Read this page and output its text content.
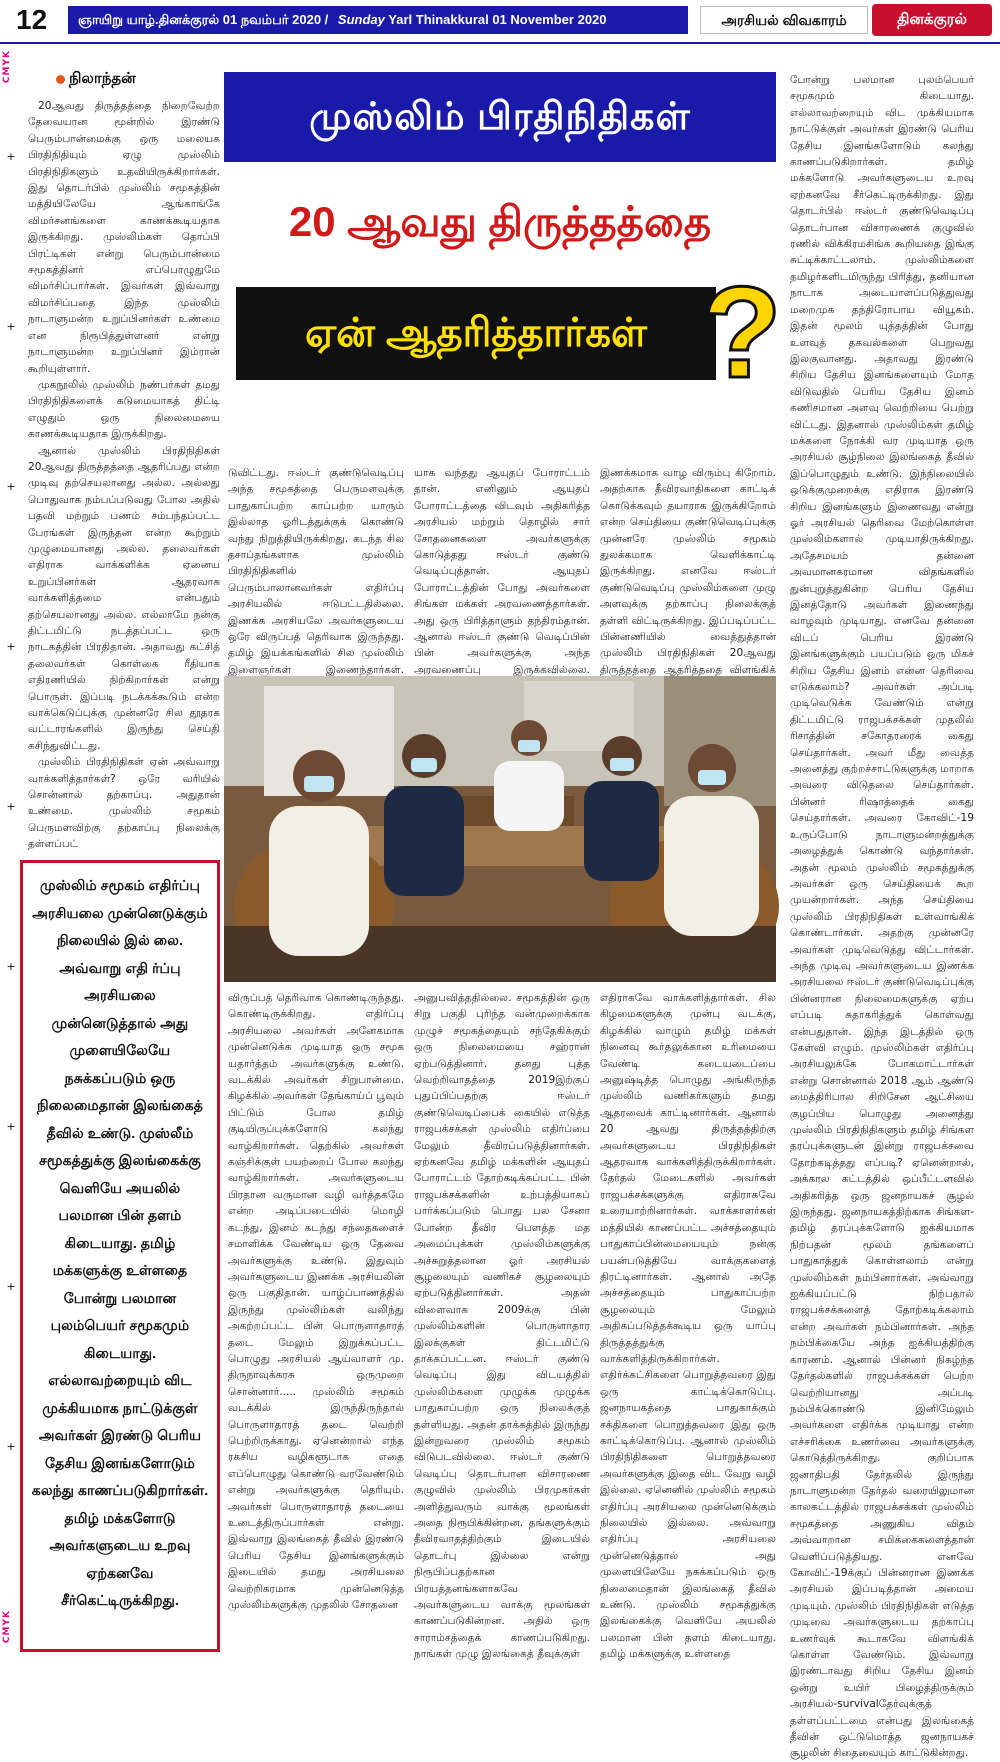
12	ஞாயிறு யாழ்.தினக்குரல் 01 நவம்பர் 2020 / Sunday Yarl Thinakkural 01 November 2020	அரசியல் விவகாரம்	தினக்குரல்
CMYK
CMYK
+
+
+
+
+
+
+
+
+
நிலாந்தன்

20ஆவது திருத்தத்தை நிறைவேற்ற தேவையான மூன்றில் இரண்டு பெரும்பான்மைக்கு ஒரு மலையக பிரதிநிதியும் ஏழு முஸ்லிம் பிரதிநிதிகளும் உதவியிருக்கிறார்கள். இது தொடர்பில் முஸ்லிம் சமூகத்தின் மத்தியிலேயே ஆங்காங்கே விமர்சனங்களை காணக்கூடியதாக இருக்கிறது. முஸ்லிம்கள் தொப்பி பிரட்டிகள் என்று பெரும்பான்மை சமூகத்தினர் எப்பொழுதுமே விமர்சிப்பார்கள். இவர்கள் இவ்வாறு விமர்சிப்பதை இந்த முஸ்லிம் நாடாளுமன்ற உறுப்பினர்கள் உண்மை என நிரூபித்துள்ளனர் என்று நாடாளுமன்ற உறுப்பினர் இம்ரான் கூறியுள்ளார்.

முகநூலில் முஸ்லிம் நண்பர்கள் தமது பிரதிநிதிகளைக் கடுமையாகத் திட்டி எழுதும் ஒரு நிலைமையை காணக்கூடியதாக இருக்கிறது.

ஆனால் முஸ்லிம் பிரதிநிதிகள் 20ஆவது திருத்தத்தை ஆதரிப்பது என்ற முடிவு தற்செயலானது அல்ல. அல்லது பொதுவாக நம்பப்படுவது போல அதில் பதவி மற்றும் பணம் சம்பந்தப்பட்ட பேரங்கள் இருந்தன என்ற கூற்றும் முழுமையானது அல்ல. தலைவர்கள் எதிராக வாக்களிக்க ஏனைய உறுப்பினர்கள் ஆதரவாக வாக்களித்தமை என்பதும் தற்செயலானது அல்ல. எல்லாமே நன்கு திட்டமிட்டு நடத்தப்பட்ட ஒரு நாடகத்தின் பிரதிதான். அதாவது கட்சித் தலைவர்கள் கொள்கை ரீதியாக எதிரணியில் நிற்கிறார்கள் என்று பொருள். இப்படி நடக்கக்கூடும் என்ற வாக்கெடுப்புக்கு முன்னரே சில தூதரக வட்டாரங்களில் இருந்து செய்தி கசிந்துவிட்டது.

முஸ்லிம் பிரதிநிதிகள் ஏன் அவ்வாறு வாக்களித்தார்கள்? ஒரே வரியில் சொன்னால் தற்காப்பு. அதுதான் உண்மை. முஸ்லிம் சமூகம் பெருமளவிற்கு தற்காப்பு நிலைக்கு தள்ளப்பட்

முஸ்லிம் சமூகம் எதிர்ப்பு அரசியலை முன்னெடுக்கும் நிலையில் இல் லை. அவ்வாறு எதி ர்ப்பு அரசியலை முன்னெடுத்தால் அது முளையிலேயே நசுக்கப்படும் ஒரு நிலைமைதான் இலங்கைத் தீவில் உண்டு. முஸ்லீம் சமூகத்துக்கு இலங்கைக்கு வெளியே அயலில் பலமான பின் தளம் கிடையாது. தமிழ் மக்களுக்கு உள்ளதை போன்று பலமான புலம்பெயர் சமூகமும் கிடையாது. எல்லாவற்றையும் விட முக்கியமாக நாட்டுக்குள் அவர்கள் இரண்டு பெரிய தேசிய இனங்களோடும் கலந்து காணப்படுகிறார்கள். தமிழ் மக்களோடு அவர்களுடைய உறவு ஏற்கனவே சீர்கெட்டிருக்கிறது.
முஸ்லிம் பிரதிநிதிகள்
20 ஆவது திருத்தத்தை
ஏன் ஆதரித்தார்கள் ?
டுவிட்டது. ஈஸ்டர் குண்டுவெடிப்பு அந்த சமூகத்தை பெருமளவுக்கு பாதுகாப்பற்ற காப்பற்ற யாரும் இல்லாத ஓரிடத்துக்குக் கொண்டு வந்து நிறுத்தியிருக்கிறது. கடந்த சில தசாப்தங்களாக முஸ்லிம் பிரதிநிதிகளில் பெரும்பாலானவர்கள் எதிர்ப்பு அரசியலில் ஈடுபட்டதில்லை. இணக்க அரசியலே அவர்களுடைய ஒரே விருப்பத் தெரிவாக இருந்தது. தமிழ் இயக்கங்களில் சில முஸ்லிம் இளைஞர்கள் இணைந்தார்கள்.
யாக வந்தது ஆயுதப் போராட்டம் தான். எனினும் ஆயுதப் போராட்டத்தை விடவும் அதிகரித்த அரசியல் மற்றும் தொழில் சார் சோதனைகளை அவர்களுக்கு கொடுத்தது ஈஸ்டர் குண்டு வெடிப்புத்தான். ஆயுதப் போராட்டத்தின் போது அவர்களை சிங்கள மக்கள் அரவணைத்தார்கள். அது ஒரு பிரித்தாளும் தந்திரம்தான். ஆனால் ஈஸ்டர் குண்டு வெடிப்பின் பின் அவர்களுக்கு அந்த அரவணைப்பு இருக்கவில்லை.
இணக்கமாக வாழ விரும்பு கிறோம். அதற்காக தீவிரவாதிகளை காட்டிக் கொடுக்கவும் தயாராக இருக்கிறோம் என்ற செய்தியை குண்டுவெடிப்புக்கு முன்னரே முஸ்லிம் சமூகம் துலக்கமாக வெளிக்காட்டி இருக்கிறது. எனவே ஈஸ்டர் குண்டுவெடிப்பு முஸ்லிம்களை முழு அளவுக்கு தற்காப்பு நிலைக்குத் தள்ளி விட்டிருக்கிறது. இப்படிப்பட்ட பின்னணியில் வைத்துத்தான் முஸ்லிம் பிரதிநிதிகள் 20ஆவது திருத்தத்தை ஆதரித்ததை விளங்கிக்
விருப்பத் தெரிவாக கொண்டிருந்தது. கொண்டிருக்கிறது. எதிர்ப்பு அரசியலை அவர்கள் அனேகமாக முன்னெடுக்க முடியாத ஒரு சமூக யதார்த்தம் அவர்களுக்கு உண்டு. வடக்கில் அவர்கள் சிறுபான்மை. கிழக்கில் அவர்கள் தேங்காய்ப் பூவும் பிட்டும் போல தமிழ் குடியிருப்புக்களோடு கலந்து வாழ்கிறார்கள். தெற்கில் அவர்கள் கஞ்சிக்குள் பயற்றைப் போல கலந்து வாழ்கிறார்கள். அவர்களுடைய பிரதான வருமான வழி வர்த்தகமே என்ற அடிப்படையில் மொழி கடந்து, இனம் கடந்து சந்தைகளைச் சமாளிக்க வேண்டிய ஒரு தேவை அவர்களுக்கு உண்டு. இதுவும் அவர்களுடைய இணக்க அரசியலின் ஒரு பகுதிதான். யாழ்ப்பாணத்தில் இருந்து முஸ்லிம்கள் வலிந்து அகற்றப்பட்ட பின் பொருளாதாரத் தடை மேலும் இறுக்கப்பட்ட பொழுது அரசியல் ஆய்வாளர் மு. திருநாவுக்கரசு ஒருமுறை சொன்னார்..... முஸ்லிம் சமூகம் வடக்கில் இருந்திருந்தால் பொருளாதாரத் தடை வெற்றி பெற்றிருக்காது. ஏனென்றால் எந்த ரகசிய வழிகளூடாக எதை எப்பொழுது கொண்டு வரவேண்டும் என்று அவர்களுக்கு தெரியும். அவர்கள் பொருளாதாரத் தடையை உடைத்திருப்பார்கள் என்று. இவ்வாறு இலங்கைத் தீவில் இரண்டு பெரிய தேசிய இனங்களுக்கும் இடையில் தமது அரசியலை வெற்றிகரமாக முன்னெடுத்த முஸ்லிம்களுக்கு முதலில் சோதனை
அனுபவித்ததில்லை. சமூகத்தின் ஒரு சிறு பகுதி புரிந்த வன்முறைக்காக முழுச் சமூகத்தையும் சந்தேகிக்கும் ஒரு நிலைமையை சஹ்ரான் ஏற்படுத்தினார். தனது புத்த வெற்றிவாதத்தை 2019இற்குப் புதுப்பிப்பதற்கு ஈஸ்டர் குண்டுவெடிப்பைக் கையில் எடுத்த ராஜபக்சக்கள் முஸ்லிம் எதிர்ப்பை மேலும் தீவிரப்படுத்தினார்கள். ஏற்கனவே தமிழ் மக்களின் ஆயுதப் போராட்டம் தோற்கடிக்கப்பட்ட பின் ராஜபக்சக்களின் உற்பத்தியாகப் பார்க்கப்படும் பொது பல சேனா போன்ற தீவிர பௌத்த மத அமைப்புக்கள் முஸ்லிம்களுக்கு அச்சுறுத்தலான ஓர் அரசியல் சூழலையும் வணிகச் சூழலையும் ஏற்படுத்தினார்கள். அதன் விளைவாக 2009க்கு பின் முஸ்லிம்களின் பொருளாதார இலக்குகள் திட்டமிட்டு தாக்கப்பட்டன. ஈஸ்டர் குண்டு வெடிப்பு இது விடயத்தில் முஸ்லிம்களை முழுக்க முழுக்க பாதுகாப்பற்ற ஒரு நிலைக்குத் தள்ளியது. அதன் தாக்கத்தில் இருந்து இன்றுவரை முஸ்லிம் சமூகம் விடுபடவில்லை. ஈஸ்டர் குண்டு வெடிப்பு தொடர்பான விசாரணை குழுவில் முஸ்லிம் பிரமுகர்கள் அளித்துவரும் வாக்கு மூலங்கள் அதை நிரூபிக்கின்றன. தங்களுக்கும் தீவிரவாதத்திற்கும் இடையில் தொடர்பு இல்லை என்று நிரூபிப்பதற்கான பிரயத்தனங்களாகவே அவர்களுடைய வாக்கு மூலங்கள் காணப்படுகின்றன. அதில் ஒரு சாராம்சத்தைக் காணப்படுகிறது. நாங்கள் முழு இலங்கைத் தீவுக்குள்
எதிராகவே வாக்களித்தார்கள். சில கிழமைகளுக்கு முன்பு வடக்கு, கிழக்கில் வாழும் தமிழ் மக்கள் நினைவு கூர்தலுக்கான உரிமையை வேண்டி கடையடைப்பை அனுஷ்டித்த பொழுது அங்கிருந்த முஸ்லிம் வணிகர்களும் தமது ஆதரவைக் காட்டினார்கள். ஆனால் 20 ஆவது திருத்தத்திற்கு அவர்களுடைய பிரதிநிதிகள் ஆதரவாக வாக்களித்திருக்கிறார்கள். தேர்தல் மேடைகளில் அவர்கள் ராஜபக்சக்களுக்கு எதிராகவே உரையாற்றினார்கள். வாக்காளர்கள் மத்தியில் காணப்பட்ட அச்சத்தையும் பாதுகாப்பின்மையையும் நன்கு பயன்படுத்தியே வாக்குகளைத் திரட்டினார்கள். ஆனால் அதே அச்சத்தையும் பாதுகாப்பற்ற சூழலையும் மேலும் அதிகப்படுத்தக்கூடிய ஒரு யாப்பு திருத்தத்துக்கு வாக்களித்திருக்கிறார்கள். எதிர்க்கட்சிகளை பொறுத்தவரை இது ஒரு காட்டிக்கொடுப்பு. ஜனநாயகத்தை பாதுகாக்கும் சக்திகளை பொறுத்தவரை இது ஒரு காட்டிக்கொடுப்பு. ஆனால் முஸ்லிம் பிரதிநிதிகளை பொறுத்தவரை அவர்களுக்கு இதை விட வேறு வழி இல்லை. ஏனெனில் முஸ்லிம் சமூகம் எதிர்ப்பு அரசியலை முன்னெடுக்கும் நிலையில் இல்லை. அவ்வாறு எதிர்ப்பு அரசியலை முன்னெடுத்தால் அது முளையிலேயே நசுக்கப்படும் ஒரு நிலைமைதான் இலங்கைத் தீவில் உண்டு. முஸ்லிம் சமூகத்துக்கு இலங்கைக்கு வெளியே அயலில் பலமான பின் தளம் கிடையாது. தமிழ் மக்களுக்கு உள்ளதை
போன்று பலமான புலம்பெயர் சமூகமும் கிடையாது. எல்லாவற்றையும் விட முக்கியமாக நாட்டுக்குள் அவர்கள் இரண்டு பெரிய தேசிய இனங்களோடும் கலந்து காணப்படுகிறார்கள். தமிழ் மக்களோடு அவர்களுடைய உறவு ஏற்கனவே சீர்கெட்டிருக்கிறது. இது தொடர்பில் ஈஸ்டர் குண்டுவெடிப்பு தொடர்பான விசாரணைக் குழுவில் ரணில் விக்கிரமசிங்க கூறியதை இங்கு சுட்டிக்காட்டலாம். முஸ்லிம்களை தமிழர்களிடமிருந்து பிரித்து, தனியான நாடாக அடையாளப்படுத்துவது மறைமுக தந்திரோபாய வியூகம். இதன் மூலம் யுத்தத்தின் போது உளவுத் தகவல்களை பெறுவது இலகுவானது. அதாவது இரண்டு சிறிய தேசிய இனங்களையும் மோத விடுவதில் பெரிய தேசிய இனம் கணிசமான அளவு வெற்றியை பெற்று விட்டது. இதனால் முஸ்லிம்கள் தமிழ் மக்களை நோக்கி வர முடியாத ஒரு அரசியல் சூழ்நிலை இலங்கைத் தீவில் இப்பொழுதும் உண்டு. இந்நிலையில் ஒடுக்குமுறைக்கு எதிராக இரண்டு சிறிய இனங்களும் இணைவது என்று ஓர் அரசியல் தெரிவை மேற்கொள்ள முஸ்லிம்களால் முடியாதிருக்கிறது. அதேசமயம் தன்னை அவமானகரமான விதங்களில் துன்புறுத்துகின்ற பெரிய தேசிய இனத்தோடு அவர்கள் இணைந்து வாழவும் முடியாது. எனவே தன்னை விடப் பெரிய இரண்டு இனங்களுக்கும் பயப்படும் ஒரு மிகச் சிறிய தேசிய இனம் என்ன தெரிவை எடுக்கலாம்? அவர்கள் அப்படி முடிவெடுக்க வேண்டும் என்று திட்டமிட்டு ராஜபக்சக்கள் முதலில் ரிசாத்தின் சகோதரரைக் கைது செய்தார்கள். அவர் மீது வைத்த அனைத்து குற்றச்சாட்டுகளுக்கு மாறாக அவரை விடுதலை செய்தார்கள். பின்னர் ரிஷாத்தைக் கைது செய்தார்கள். அவரை கோவிட்-19 உருப்போடு நாடாளுமன்றத்துக்கு அழைத்துக் கொண்டு வந்தார்கள். அதன் மூலம் முஸ்லிம் சமூகத்துக்கு அவர்கள் ஒரு செய்தியைக் கூற முயன்றார்கள். அந்த செய்தியை முஸ்லிம் பிரதிநிதிகள் உள்வாங்கிக் கொண்டார்கள். அதற்கு முன்னரே அவர்கள் முடிவெடுத்து விட்டார்கள். அந்த முடிவு அவர்களுடைய இணக்க அரசியலை ஈஸ்டர் குண்டுவெடிப்புக்கு பின்னரான நிலைமைகளுக்கு ஏற்ப எப்படி சுதாகரித்துக் கொள்வது என்பதுதான். இந்த இடத்தில் ஒரு கேள்வி எழும். முஸ்லிம்கள் எதிர்ப்பு அரசியலுக்கே போகமாட்டார்கள் என்று சொன்னால் 2018 ஆம் ஆண்டு மைத்திரிபால சிறிசேன ஆட்சியை குழப்பிய பொழுது அனைத்து முஸ்லிம் பிரதிநிதிகளும் தமிழ் சிங்கள தரப்புக்களுடன் இன்று ராஜபக்சவை தோற்கடித்தது எப்படி? ஏனென்றால், அக்கால கட்டத்தில் ஒப்பீட்டளவில் அதிகரித்த ஒரு ஜனநாயகச் சூழல் இருந்தது. ஜனநாயகத்திற்காக சிங்கள-தமிழ் தரப்புக்களோடு ஐக்கியமாக நிற்பதன் மூலம் தங்களைப் பாதுகாத்துக் கொள்ளலாம் என்று முஸ்லிம்கள் நம்பினார்கள். அவ்வாறு ஐக்கியப்பட்டு நிற்பதால் ராஜபக்சக்களைத் தோற்கடிக்கலாம் என்ற அவர்கள் நம்பினார்கள். அந்த நம்பிக்கையே அந்த ஐக்கியத்திற்கு காரணம். ஆனால் பின்னர் நிகழ்ந்த தேர்தல்களில் ராஜபக்சக்கள் பெற்ற வெற்றியானது அப்படி நம்பிக்கொண்டு இனிமேலும் அவர்களை எதிர்க்க முடியாது என்ற எச்சரிக்கை உணர்வை அவர்களுக்கு கொடுத்திருக்கிறது. குறிப்பாக ஜனாதிபதி தேர்தலில் இருந்து நாடாளுமன்ற தேர்தல் வரையிலுமான காலகட்டத்தில் ராஜபக்சக்கள் முஸ்லிம் சமூகத்தை அணுகிய விதம் அவ்வாறான சமிக்கைகளைத்தான் வெளிப்படுத்தியது. எனவே கோவிட்-19க்குப் பின்னரான இணக்க அரசியல் இப்படித்தான் அமைய முடியும். முஸ்லிம் பிரதிநிதிகள் எடுத்த முடிவை அவர்களுடைய தற்காப்பு உணர்வுக் கூடாகவே விளங்கிக் கொள்ள வேண்டும். இவ்வாறு இரண்டாவது சிறிய தேசிய இனம் ஒன்று உயிர் பிழைத்திருக்கும் அரசியல்-survivalதேர்வுக்குத் தள்ளப்பட்டமை என்பது இலங்கைத் தீவின் ஒட்டுமொத்த ஜனநாயகச் சூழலின் சிதைவையும் காட்டுகின்றது.
